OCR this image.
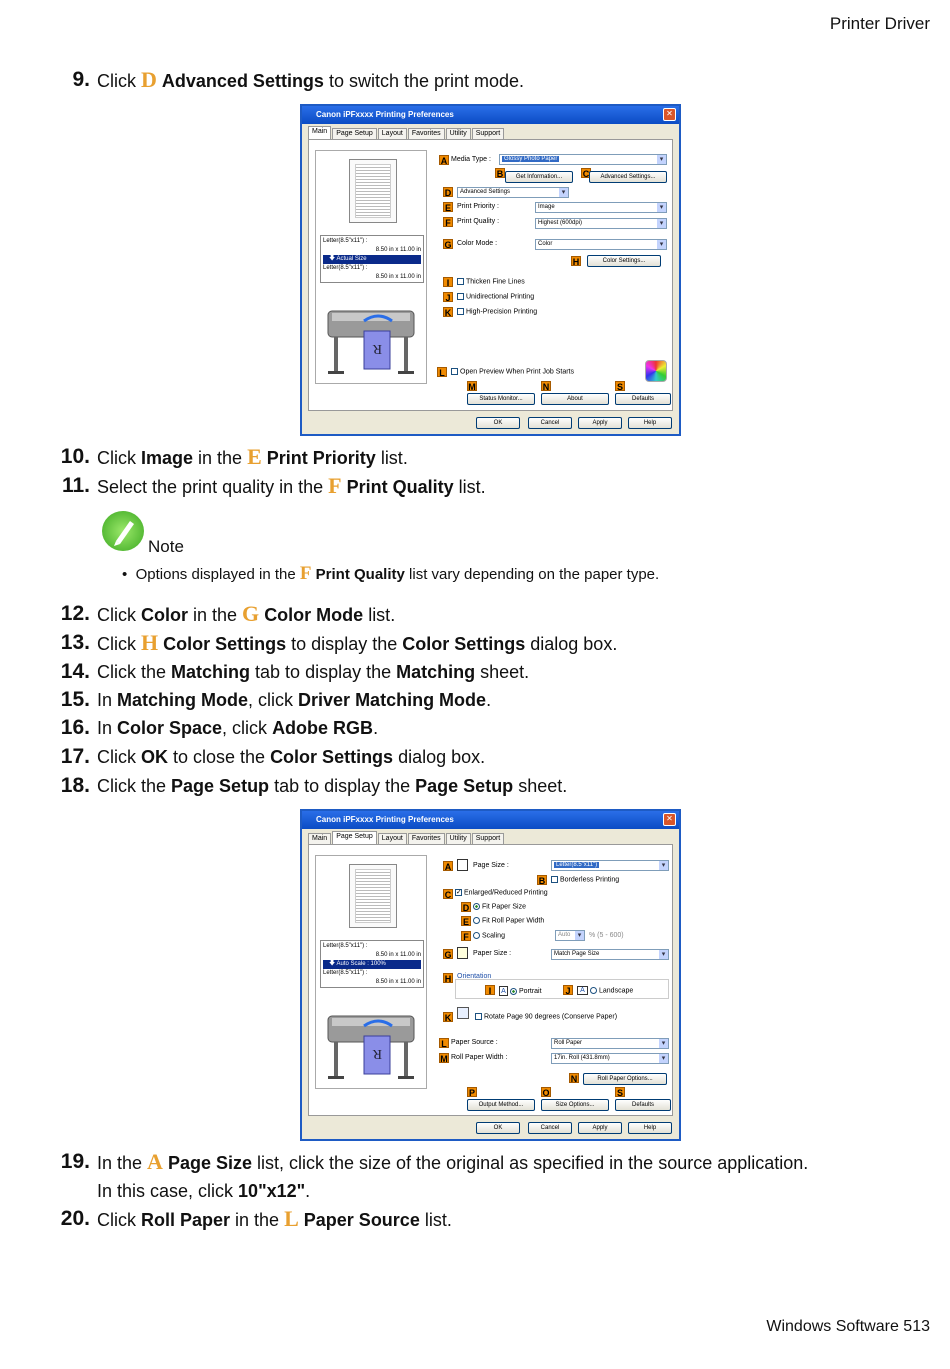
Printer Driver
9. Click D Advanced Settings to switch the print mode.
Canon iPFxxxx Printing Preferences	✕
Main	Page Setup	Layout	Favorites	Utility	Support
Letter(8.5"x11") :
8.50 in x 11.00 in
🡇 Actual Size
Letter(8.5"x11") :
8.50 in x 11.00 in
R
A Media Type :	Glossy Photo Paper ▾
B	Get Information...	C	Advanced Settings...
D	Advanced Settings ▾
E Print Priority :	Image ▾
F Print Quality :	Highest (600dpi) ▾
G Color Mode :	Color ▾
H	Color Settings...
I	Thicken Fine Lines
J	Unidirectional Printing
K	High-Precision Printing
L	Open Preview When Print Job Starts
M	N	S
Status Monitor...	About	Defaults
OK	Cancel	Apply	Help
10. Click Image in the E Print Priority list.
11. Select the print quality in the F Print Quality list.
Note
• Options displayed in the F Print Quality list vary depending on the paper type.
12. Click Color in the G Color Mode list.
13. Click H Color Settings to display the Color Settings dialog box.
14. Click the Matching tab to display the Matching sheet.
15. In Matching Mode, click Driver Matching Mode.
16. In Color Space, click Adobe RGB.
17. Click OK to close the Color Settings dialog box.
18. Click the Page Setup tab to display the Page Setup sheet.
Canon iPFxxxx Printing Preferences	✕
Main	Page Setup	Layout	Favorites	Utility	Support
Letter(8.5"x11") :
8.50 in x 11.00 in
🡇 Auto Scale : 100%
Letter(8.5"x11") :
8.50 in x 11.00 in
R
A	Page Size :	Letter(8.5"x11") ▾
B	Borderless Printing
C
✓	Enlarged/Reduced Printing
D	Fit Paper Size
E	Fit Roll Paper Width
F	Scaling	Auto ▾	% (5 - 600)
G	Paper Size :	Match Page Size ▾
H Orientation
I	A Portrait	J	A Landscape
K	Rotate Page 90 degrees (Conserve Paper)
L Paper Source :	Roll Paper ▾
M Roll Paper Width :	17in. Roll (431.8mm) ▾
N	Roll Paper Options...
P	O	S
Output Method...	Size Options...	Defaults
OK	Cancel	Apply	Help
19. In the A Page Size list, click the size of the original as specified in the source application.
In this case, click 10"x12".
20. Click Roll Paper in the L Paper Source list.
Windows Software 513
